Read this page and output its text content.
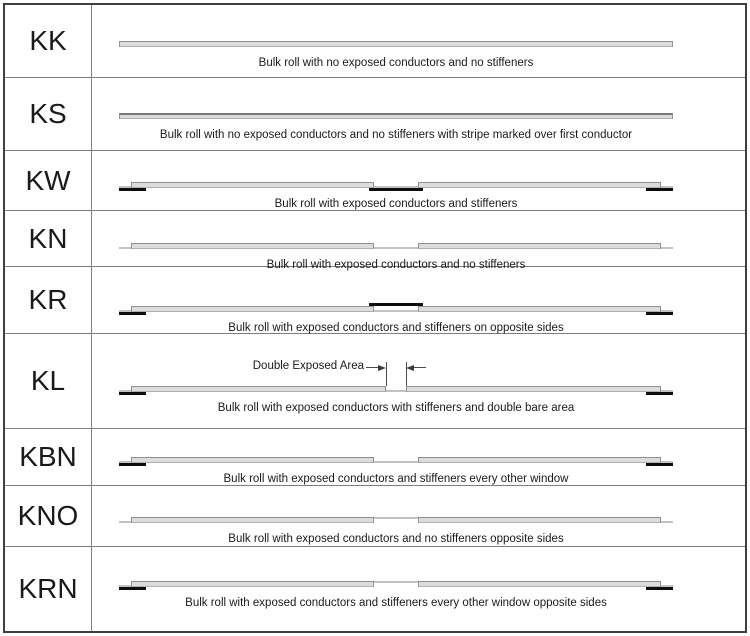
KK
Bulk roll with no exposed conductors and no stiffeners
KS
Bulk roll with no exposed conductors and no stiffeners with stripe marked over first conductor
KW
Bulk roll with exposed conductors and stiffeners
KN
Bulk roll with exposed conductors and no stiffeners
KR
Bulk roll with exposed conductors and stiffeners on opposite sides
KL	Double Exposed Area
Bulk roll with exposed conductors with stiffeners and double bare area
KBN
Bulk roll with exposed conductors and stiffeners every other window
KNO
Bulk roll with exposed conductors and no stiffeners opposite sides
KRN	Bulk roll with exposed conductors and stiffeners every other window opposite sides
